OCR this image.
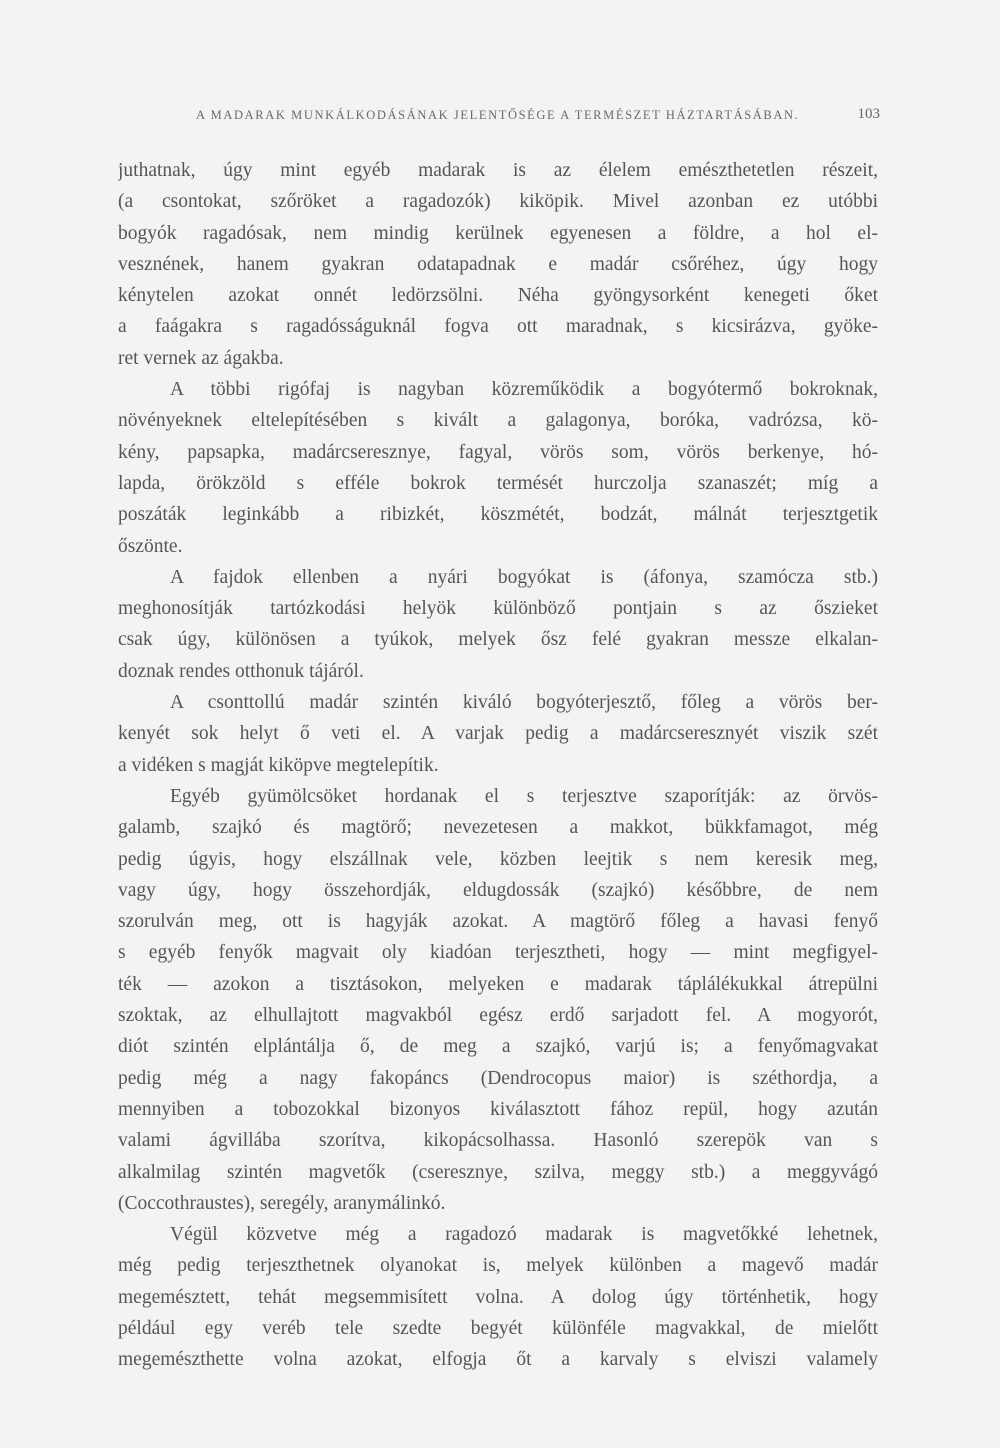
A MADARAK MUNKÁLKODÁSÁNAK JELENTŐSÉGE A TERMÉSZET HÁZTARTÁSÁBAN.	103
juthatnak, úgy mint egyéb madarak is az élelem emészthetetlen részeit,
(a csontokat, szőröket a ragadozók) kiköpik. Mivel azonban ez utóbbi
bogyók ragadósak, nem mindig kerülnek egyenesen a földre, a hol el-
vesznének, hanem gyakran odatapadnak e madár csőréhez, úgy hogy
kénytelen azokat onnét ledörzsölni. Néha gyöngysorként kenegeti őket
a faágakra s ragadósságuknál fogva ott maradnak, s kicsirázva, gyöke-
ret vernek az ágakba.
A többi rigófaj is nagyban közreműködik a bogyótermő bokroknak,
növényeknek eltelepítésében s kivált a galagonya, boróka, vadrózsa, kö-
kény, papsapka, madárcseresznye, fagyal, vörös som, vörös berkenye, hó-
lapda, örökzöld s efféle bokrok termését hurczolja szanaszét; míg a
poszáták leginkább a ribizkét, köszmétét, bodzát, málnát terjesztgetik
őszönte.
A fajdok ellenben a nyári bogyókat is (áfonya, szamócza stb.)
meghonosítják tartózkodási helyök különböző pontjain s az őszieket
csak úgy, különösen a tyúkok, melyek ősz felé gyakran messze elkalan-
doznak rendes otthonuk tájáról.
A csonttollú madár szintén kiváló bogyóterjesztő, főleg a vörös ber-
kenyét sok helyt ő veti el. A varjak pedig a madárcseresznyét viszik szét
a vidéken s magját kiköpve megtelepítik.
Egyéb gyümölcsöket hordanak el s terjesztve szaporítják: az örvös-
galamb, szajkó és magtörő; nevezetesen a makkot, bükkfamagot, még
pedig úgyis, hogy elszállnak vele, közben leejtik s nem keresik meg,
vagy úgy, hogy összehordják, eldugdossák (szajkó) későbbre, de nem
szorulván meg, ott is hagyják azokat. A magtörő főleg a havasi fenyő
s egyéb fenyők magvait oly kiadóan terjesztheti, hogy — mint megfigyel-
ték — azokon a tisztásokon, melyeken e madarak táplálékukkal átrepülni
szoktak, az elhullajtott magvakból egész erdő sarjadott fel. A mogyorót,
diót szintén elplántálja ő, de meg a szajkó, varjú is; a fenyőmagvakat
pedig még a nagy fakopáncs (Dendrocopus maior) is széthordja, a
mennyiben a tobozokkal bizonyos kiválasztott fához repül, hogy azután
valami ágvillába szorítva, kikopácsolhassa. Hasonló szerepök van s
alkalmilag szintén magvetők (cseresznye, szilva, meggy stb.) a meggyvágó
(Coccothraustes), seregély, aranymálinkó.
Végül közvetve még a ragadozó madarak is magvetőkké lehetnek,
még pedig terjeszthetnek olyanokat is, melyek különben a magevő madár
megemésztett, tehát megsemmisített volna. A dolog úgy történhetik, hogy
például egy veréb tele szedte begyét különféle magvakkal, de mielőtt
megemészthette volna azokat, elfogja őt a karvaly s elviszi valamely
